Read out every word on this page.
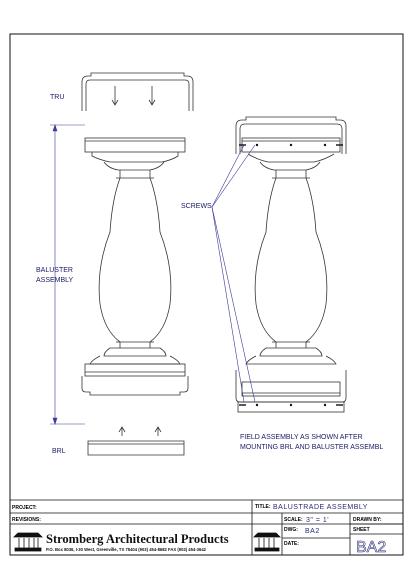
TRU
BALUSTER
ASSEMBLY
SCREWS
BRL
FIELD ASSEMBLY AS SHOWN AFTER
MOUNTING BRL AND BALUSTER ASSEMBL
PROJECT:
REVISIONS:
TITLE: BALUSTRADE ASSEMBLY
SCALE: 3" = 1'	DRAWN BY:
DWG: BA2
DATE:
SHEET
BA2
Stromberg Architectural Products
P.O. Box 8036, I-30 West, Greenville, TX 75404 (903) 454-8682 FAX (903) 454-3642
